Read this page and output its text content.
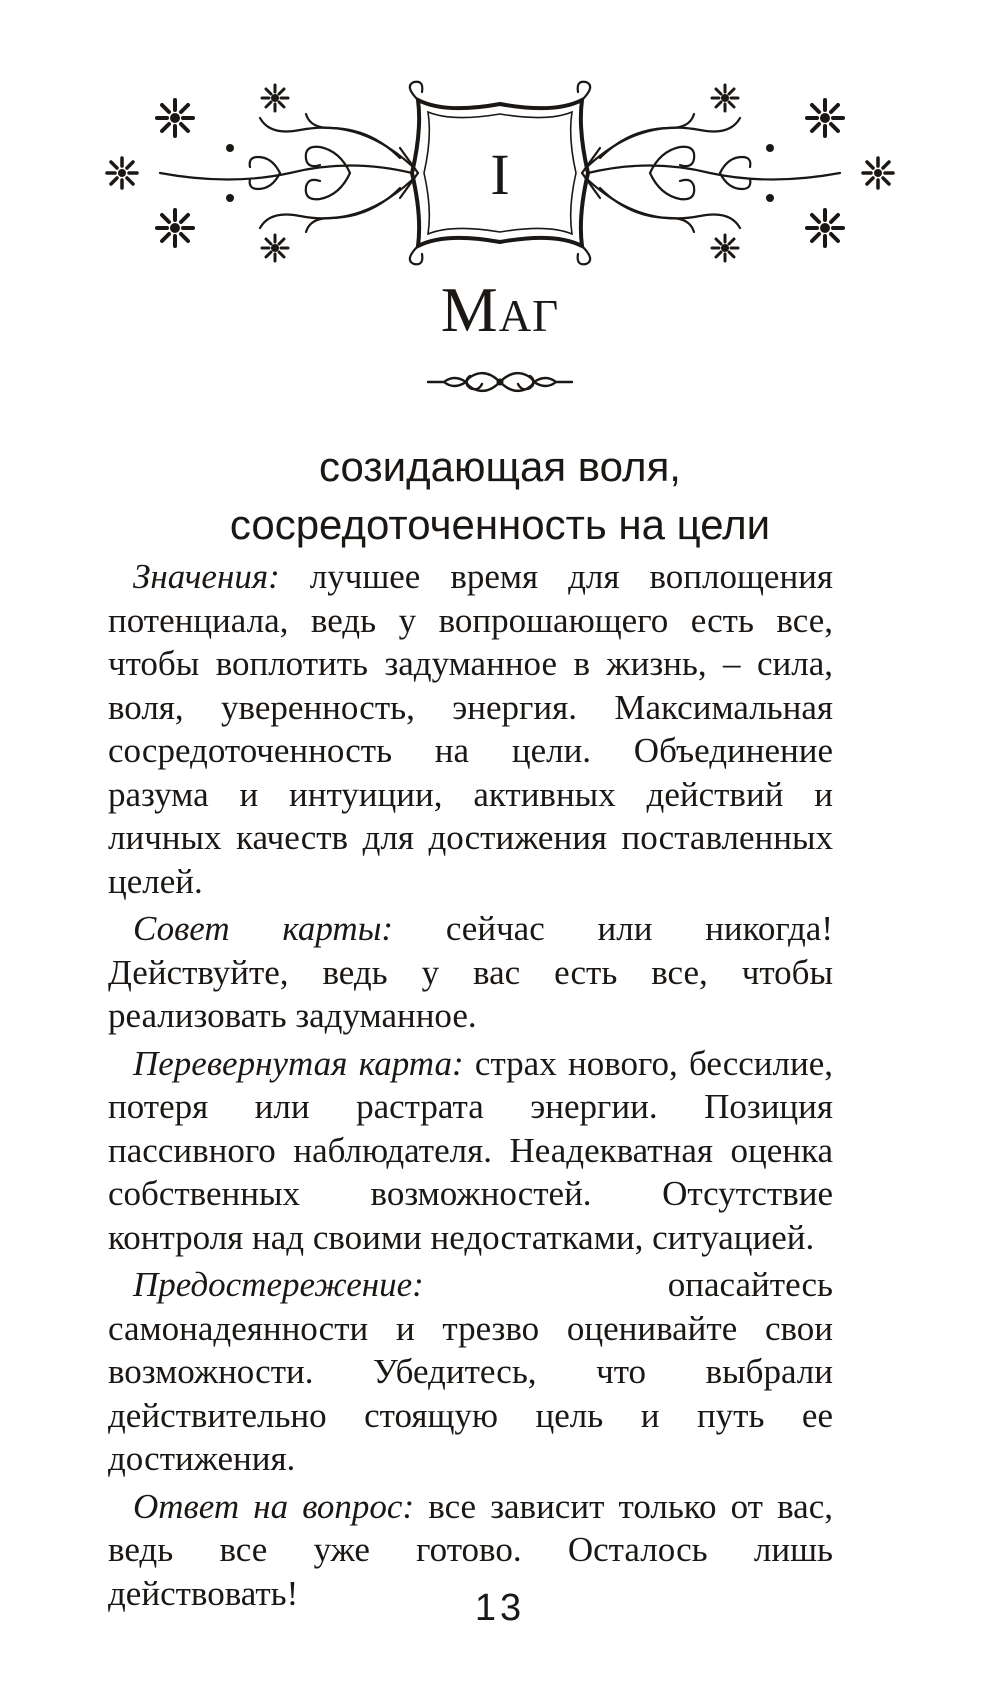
I
Маг
созидающая воля,
сосредоточенность на цели

Значения: лучшее время для воплощения потенциала, ведь у вопрошающего есть все, чтобы воплотить задуманное в жизнь, – сила, воля, уверенность, энергия. Максимальная сосредоточенность на цели. Объединение разума и интуиции, активных действий и личных качеств для достижения поставленных целей.

Совет карты: сейчас или никогда! Действуйте, ведь у вас есть все, чтобы реализовать задуманное.

Перевернутая карта: страх нового, бессилие, потеря или растрата энергии. Позиция пассивного наблюдателя. Неадекватная оценка собственных возможностей. Отсутствие контроля над своими недостатками, ситуацией.

Предостережение:	опасайтесь самонадеянности и трезво оценивайте свои возможности. Убедитесь, что выбрали действительно стоящую цель и путь ее достижения.

Ответ на вопрос: все зависит только от вас, ведь все уже готово. Осталось лишь действовать!	13
